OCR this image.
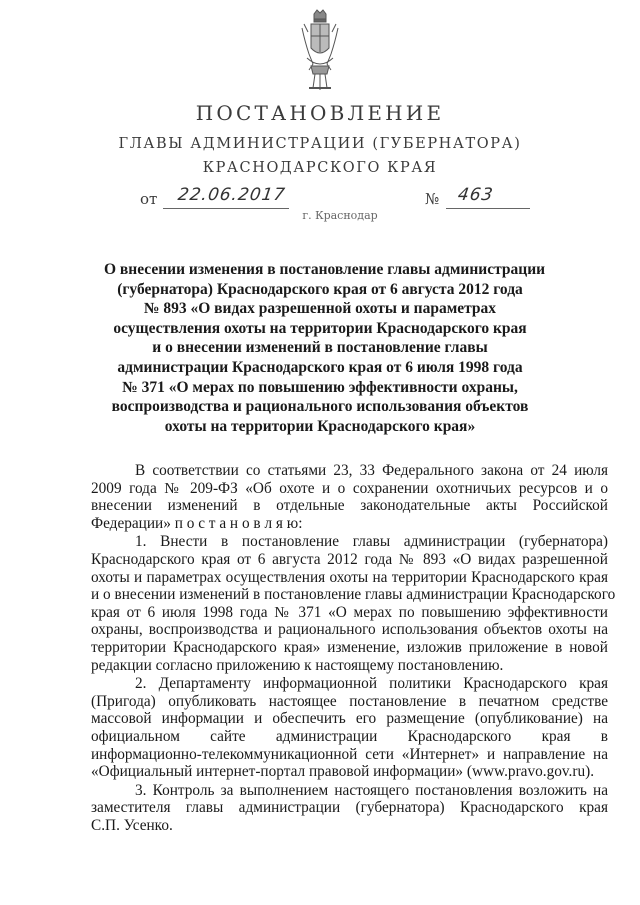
ПОСТАНОВЛЕНИЕ
ГЛАВЫ АДМИНИСТРАЦИИ (ГУБЕРНАТОРА)
КРАСНОДАРСКОГО КРАЯ
от 22.06.2017	№ 463
г. Краснодар
О внесении изменения в постановление главы администрации
(губернатора) Краснодарского края от 6 августа 2012 года
№ 893 «О видах разрешенной охоты и параметрах
осуществления охоты на территории Краснодарского края
и о внесении изменений в постановление главы
администрации Краснодарского края от 6 июля 1998 года
№ 371 «О мерах по повышению эффективности охраны,
воспроизводства и рационального использования объектов
охоты на территории Краснодарского края»
В соответствии со статьями 23, 33 Федерального закона от 24 июля
2009 года № 209-ФЗ «Об охоте и о сохранении охотничьих ресурсов и о
внесении изменений в отдельные законодательные акты Российской
Федерации» п о с т а н о в л я ю:
1. Внести в постановление главы администрации (губернатора)
Краснодарского края от 6 августа 2012 года № 893 «О видах разрешенной
охоты и параметрах осуществления охоты на территории Краснодарского края
и о внесении изменений в постановление главы администрации Краснодарского
края от 6 июля 1998 года № 371 «О мерах по повышению эффективности
охраны, воспроизводства и рационального использования объектов охоты на
территории Краснодарского края» изменение, изложив приложение в новой
редакции согласно приложению к настоящему постановлению.
2. Департаменту информационной политики Краснодарского края
(Пригода) опубликовать настоящее постановление в печатном средстве
массовой информации и обеспечить его размещение (опубликование) на
официальном сайте администрации Краснодарского края в
информационно-телекоммуникационной сети «Интернет» и направление на
«Официальный интернет-портал правовой информации» (www.pravo.gov.ru).
3. Контроль за выполнением настоящего постановления возложить на
заместителя главы администрации (губернатора) Краснодарского края
С.П. Усенко.
